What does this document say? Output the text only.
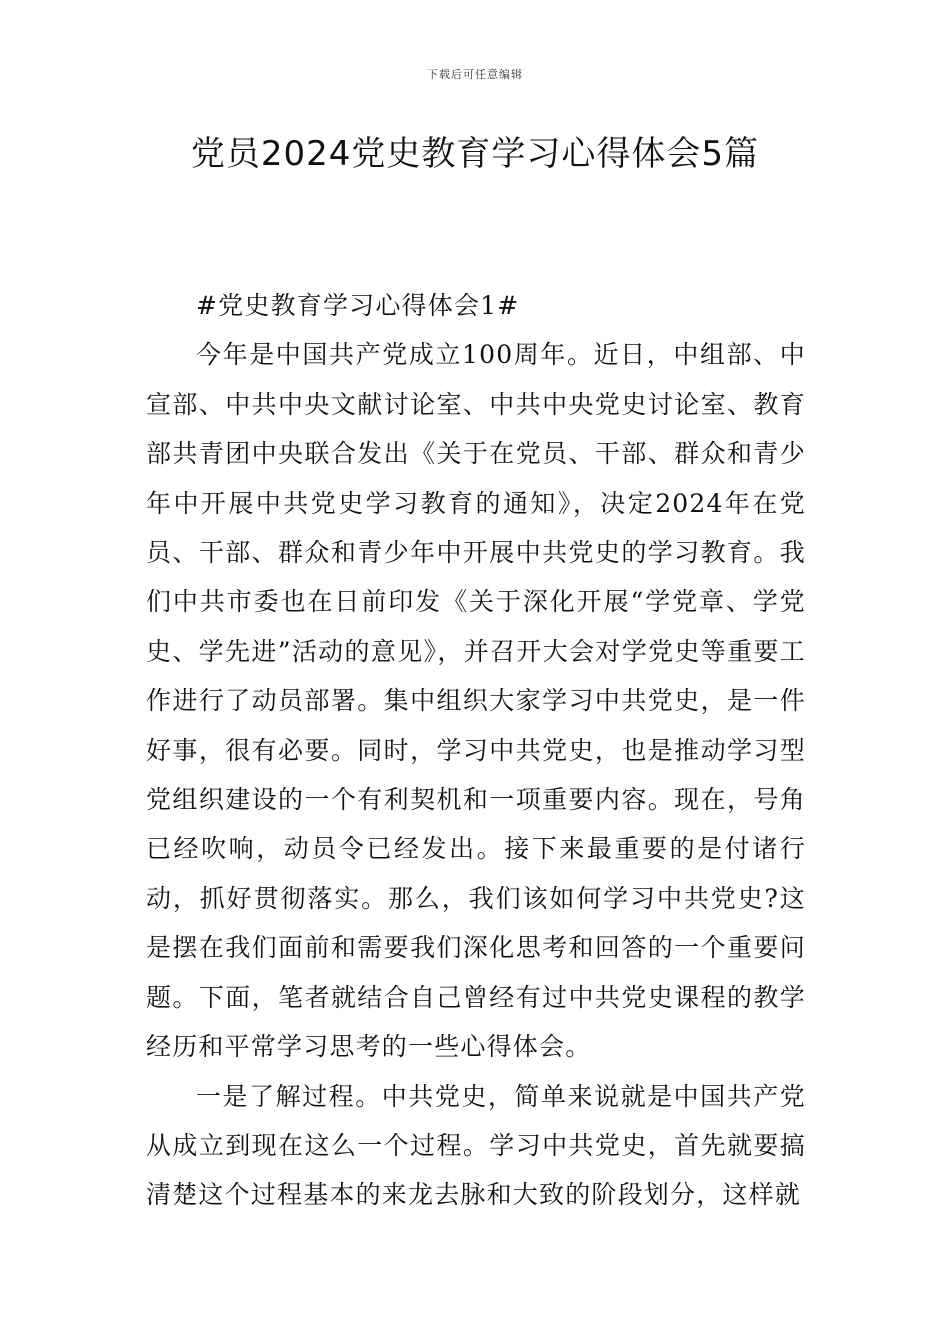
下载后可任意编辑
党员2024党史教育学习心得体会5篇

#党史教育学习心得体会1#

今年是中国共产党成立100周年。近日，中组部、中宣部、中共中央文献讨论室、中共中央党史讨论室、教育部共青团中央联合发出《关于在党员、干部、群众和青少年中开展中共党史学习教育的通知》，决定2024年在党员、干部、群众和青少年中开展中共党史的学习教育。我们中共市委也在日前印发《关于深化开展“学党章、学党史、学先进”活动的意见》，并召开大会对学党史等重要工作进行了动员部署。集中组织大家学习中共党史，是一件好事，很有必要。同时，学习中共党史，也是推动学习型党组织建设的一个有利契机和一项重要内容。现在，号角已经吹响，动员令已经发出。接下来最重要的是付诸行动，抓好贯彻落实。那么，我们该如何学习中共党史?这是摆在我们面前和需要我们深化思考和回答的一个重要问题。下面，笔者就结合自己曾经有过中共党史课程的教学经历和平常学习思考的一些心得体会。

一是了解过程。中共党史，简单来说就是中国共产党从成立到现在这么一个过程。学习中共党史，首先就要搞清楚这个过程基本的来龙去脉和大致的阶段划分，这样就
